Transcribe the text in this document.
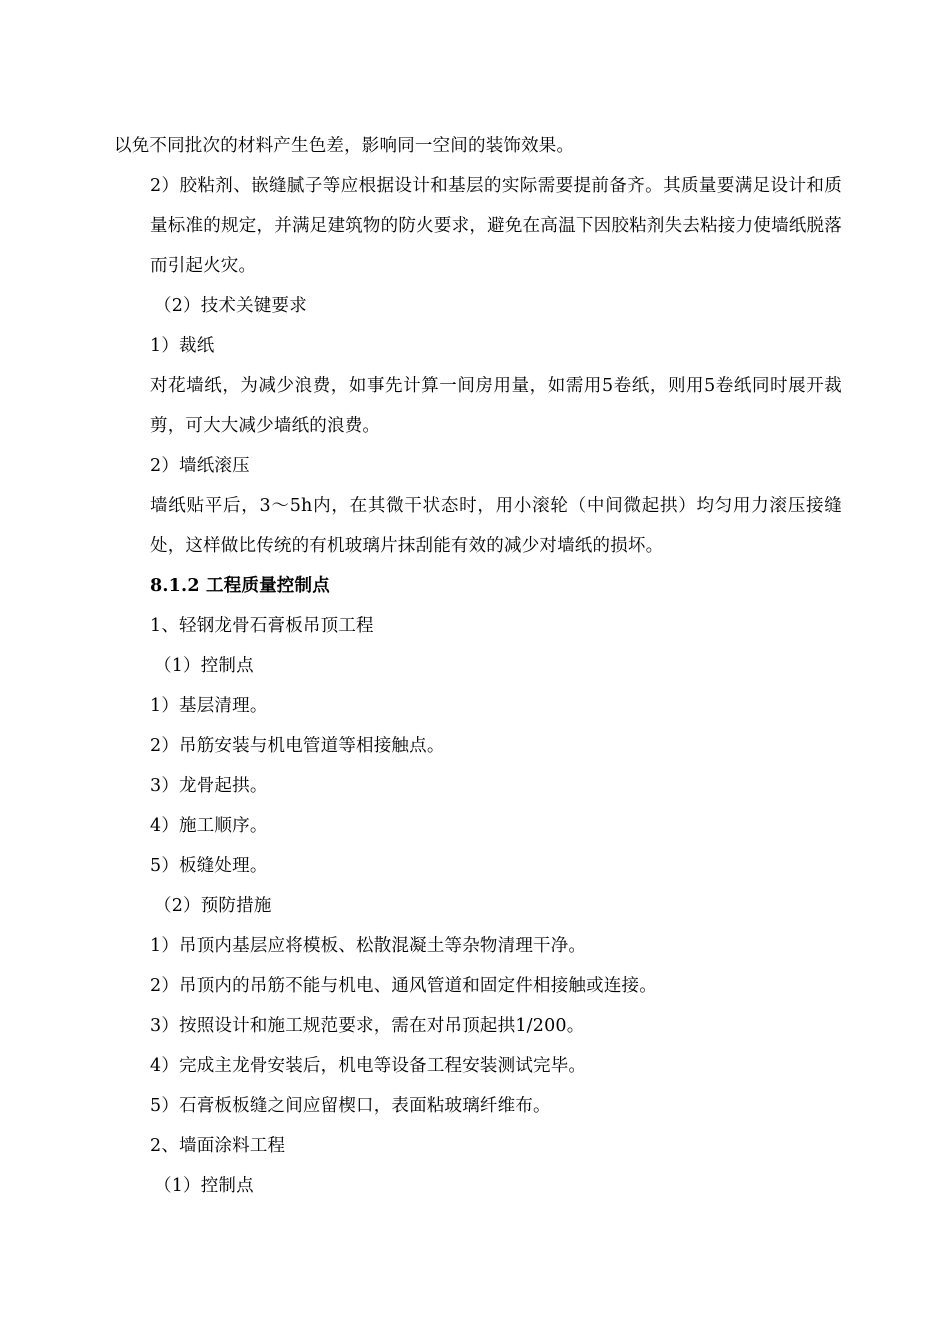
以免不同批次的材料产生色差，影响同一空间的装饰效果。

2）胶粘剂、嵌缝腻子等应根据设计和基层的实际需要提前备齐。其质量要满足设计和质量标准的规定，并满足建筑物的防火要求，避免在高温下因胶粘剂失去粘接力使墙纸脱落而引起火灾。

（2）技术关键要求

1）裁纸

对花墙纸，为减少浪费，如事先计算一间房用量，如需用5卷纸，则用5卷纸同时展开裁剪，可大大减少墙纸的浪费。

2）墙纸滚压

墙纸贴平后，3～5h内，在其微干状态时，用小滚轮（中间微起拱）均匀用力滚压接缝处，这样做比传统的有机玻璃片抹刮能有效的减少对墙纸的损坏。

8.1.2 工程质量控制点

1、轻钢龙骨石膏板吊顶工程

（1）控制点

1）基层清理。

2）吊筋安装与机电管道等相接触点。

3）龙骨起拱。

4）施工顺序。

5）板缝处理。

（2）预防措施

1）吊顶内基层应将模板、松散混凝土等杂物清理干净。

2）吊顶内的吊筋不能与机电、通风管道和固定件相接触或连接。

3）按照设计和施工规范要求，需在对吊顶起拱1/200。

4）完成主龙骨安装后，机电等设备工程安装测试完毕。

5）石膏板板缝之间应留楔口，表面粘玻璃纤维布。

2、墙面涂料工程

（1）控制点
